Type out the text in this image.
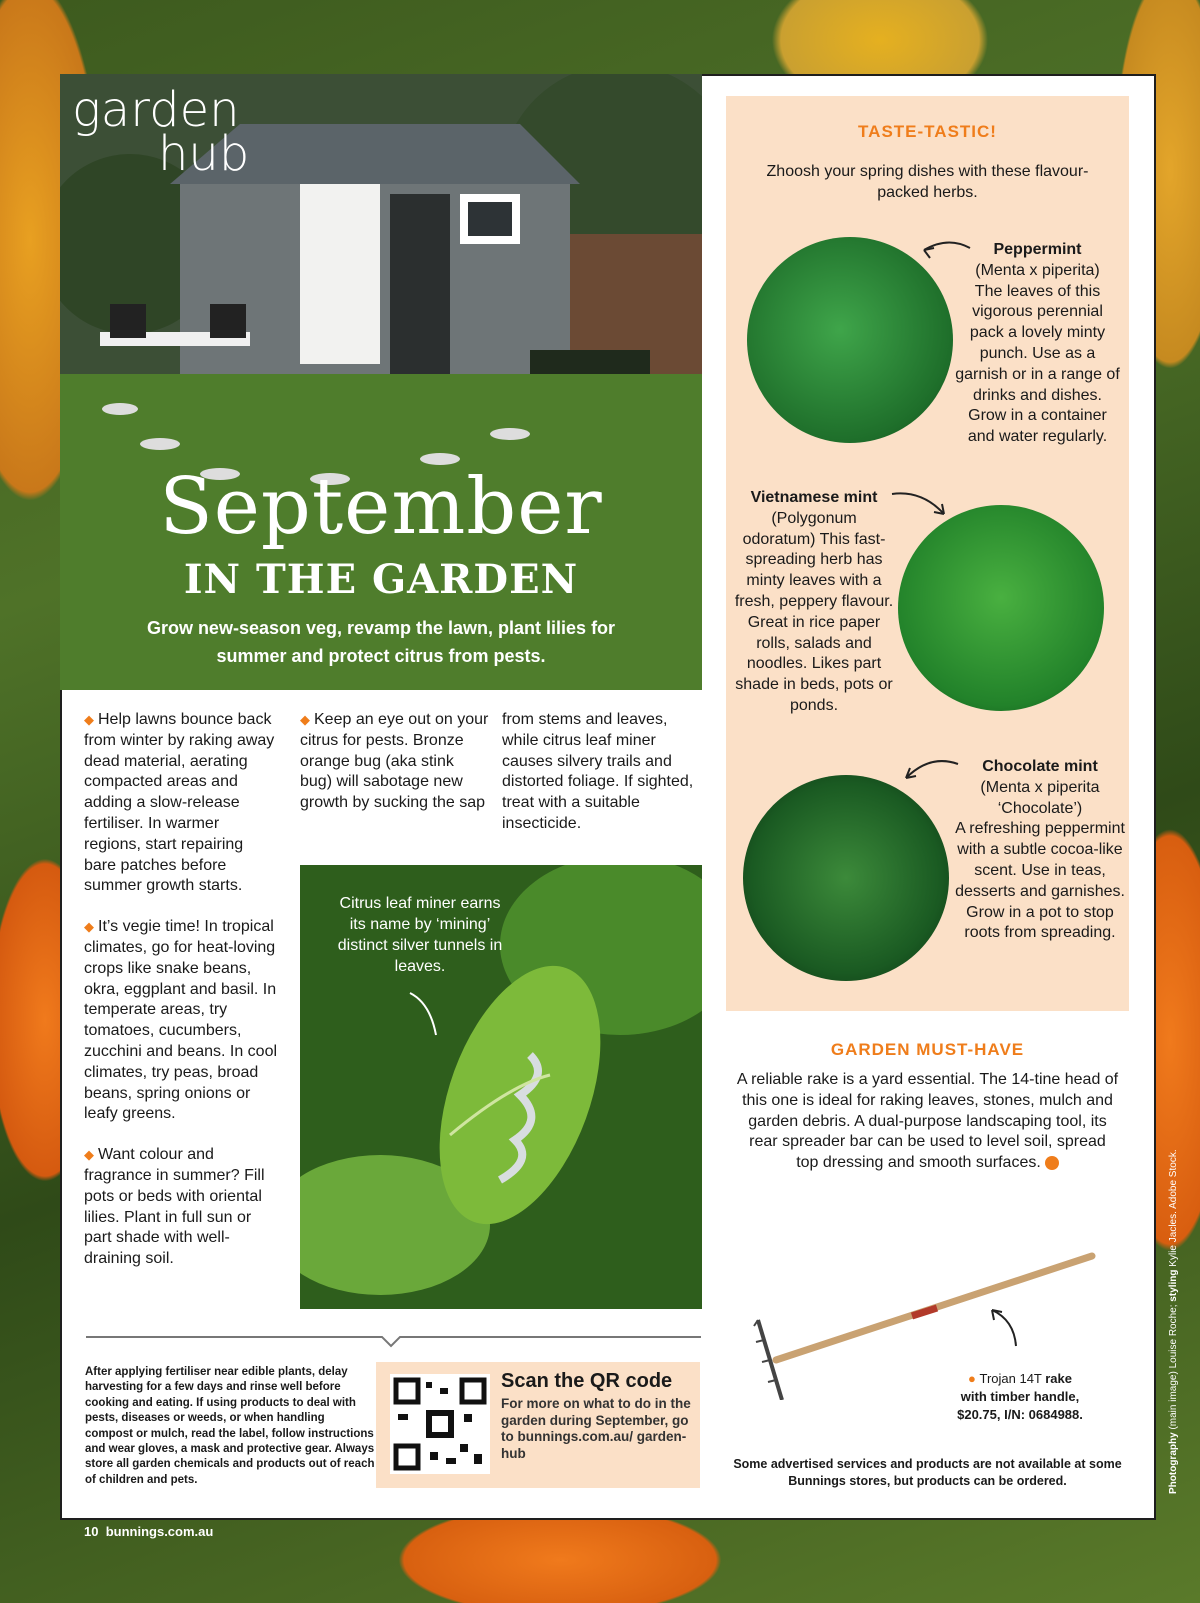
garden
hub
September
IN THE GARDEN
Grow new-season veg, revamp the lawn, plant lilies for summer and protect citrus from pests.

◆ Help lawns bounce back from winter by raking away dead material, aerating compacted areas and adding a slow-release fertiliser. In warmer regions, start repairing bare patches before summer growth starts.

◆ It’s vegie time! In tropical climates, go for heat-loving crops like snake beans, okra, eggplant and basil. In temperate areas, try tomatoes, cucumbers, zucchini and beans. In cool climates, try peas, broad beans, spring onions or leafy greens.

◆ Want colour and fragrance in summer? Fill pots or beds with oriental lilies. Plant in full sun or part shade with well-draining soil.

◆ Keep an eye out on your citrus for pests. Bronze orange bug (aka stink bug) will sabotage new growth by sucking the sap
from stems and leaves, while citrus leaf miner causes silvery trails and distorted foliage. If sighted, treat with a suitable insecticide.
Citrus leaf miner earns its name by ‘mining’ distinct silver tunnels in leaves.
TASTE-TASTIC!
Zhoosh your spring dishes with these flavour-packed herbs.
Peppermint
(Menta x piperita)
The leaves of this vigorous perennial pack a lovely minty punch. Use as a garnish or in a range of drinks and dishes. Grow in a container and water regularly.
Vietnamese mint
(Polygonum odoratum) This fast-spreading herb has minty leaves with a fresh, peppery flavour. Great in rice paper rolls, salads and noodles. Likes part shade in beds, pots or ponds.
Chocolate mint
(Menta x piperita ‘Chocolate’)
A refreshing peppermint with a subtle cocoa-like scent. Use in teas, desserts and garnishes. Grow in a pot to stop roots from spreading.
GARDEN MUST-HAVE
A reliable rake is a yard essential. The 14-tine head of this one is ideal for raking leaves, stones, mulch and garden debris. A dual-purpose landscaping tool, its rear spreader bar can be used to level soil, spread top dressing and smooth surfaces.
● Trojan 14T rake
with timber handle,
$20.75, I/N: 0684988.
Some advertised services and products are not available at some Bunnings stores, but products can be ordered.
After applying fertiliser near edible plants, delay harvesting for a few days and rinse well before cooking and eating. If using products to deal with pests, diseases or weeds, or when handling compost or mulch, read the label, follow instructions and wear gloves, a mask and protective gear. Always store all garden chemicals and products out of reach of children and pets.
Scan the QR code
For more on what to do in the garden during September, go to bunnings.com.au/ garden-hub
10 bunnings.com.au
Photography (main image) Louise Roche; styling Kylie Jacles. Adobe Stock.
